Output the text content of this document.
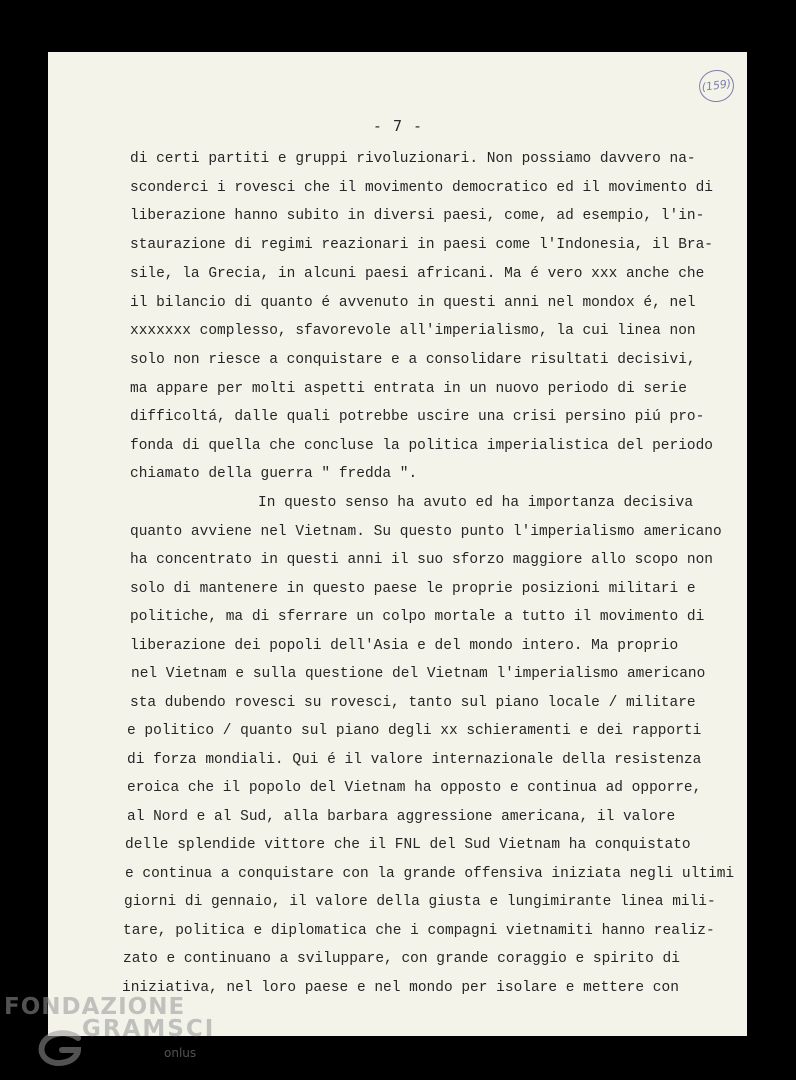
(159)
- 7 -
di certi partiti e gruppi rivoluzionari. Non possiamo davvero na-
sconderci i rovesci che il movimento democratico ed il movimento di
liberazione hanno subito in diversi paesi, come, ad esempio, l'in-
staurazione di regimi reazionari in paesi come l'Indonesia, il Bra-
sile, la Grecia, in alcuni paesi africani. Ma é vero xxx anche che
il bilancio di quanto é avvenuto in questi anni nel mondox é, nel
xxxxxxx complesso, sfavorevole all'imperialismo, la cui linea non
solo non riesce a conquistare e a consolidare risultati decisivi,
ma appare per molti aspetti entrata in un nuovo periodo di serie
difficoltá, dalle quali potrebbe uscire una crisi persino piú pro-
fonda di quella che concluse la politica imperialistica del periodo
chiamato della guerra " fredda ".
In questo senso ha avuto ed ha importanza decisiva
quanto avviene nel Vietnam. Su questo punto l'imperialismo americano
ha concentrato in questi anni il suo sforzo maggiore allo scopo non
solo di mantenere in questo paese le proprie posizioni militari e
politiche, ma di sferrare un colpo mortale a tutto il movimento di
liberazione dei popoli dell'Asia e del mondo intero. Ma proprio
nel Vietnam e sulla questione del Vietnam l'imperialismo americano
sta dubendo rovesci su rovesci, tanto sul piano locale / militare
e politico / quanto sul piano degli xx schieramenti e dei rapporti
di forza mondiali. Qui é il valore internazionale della resistenza
eroica che il popolo del Vietnam ha opposto e continua ad opporre,
al Nord e al Sud, alla barbara aggressione americana, il valore
delle splendide vittore che il FNL del Sud Vietnam ha conquistato
e continua a conquistare con la grande offensiva iniziata negli ultimi
giorni di gennaio, il valore della giusta e lungimirante linea mili-
tare, politica e diplomatica che i compagni vietnamiti hanno realiz-
zato e continuano a sviluppare, con grande coraggio e spirito di
iniziativa, nel loro paese e nel mondo per isolare e mettere con
FONDAZIONE
GRAMSCI
onlus
